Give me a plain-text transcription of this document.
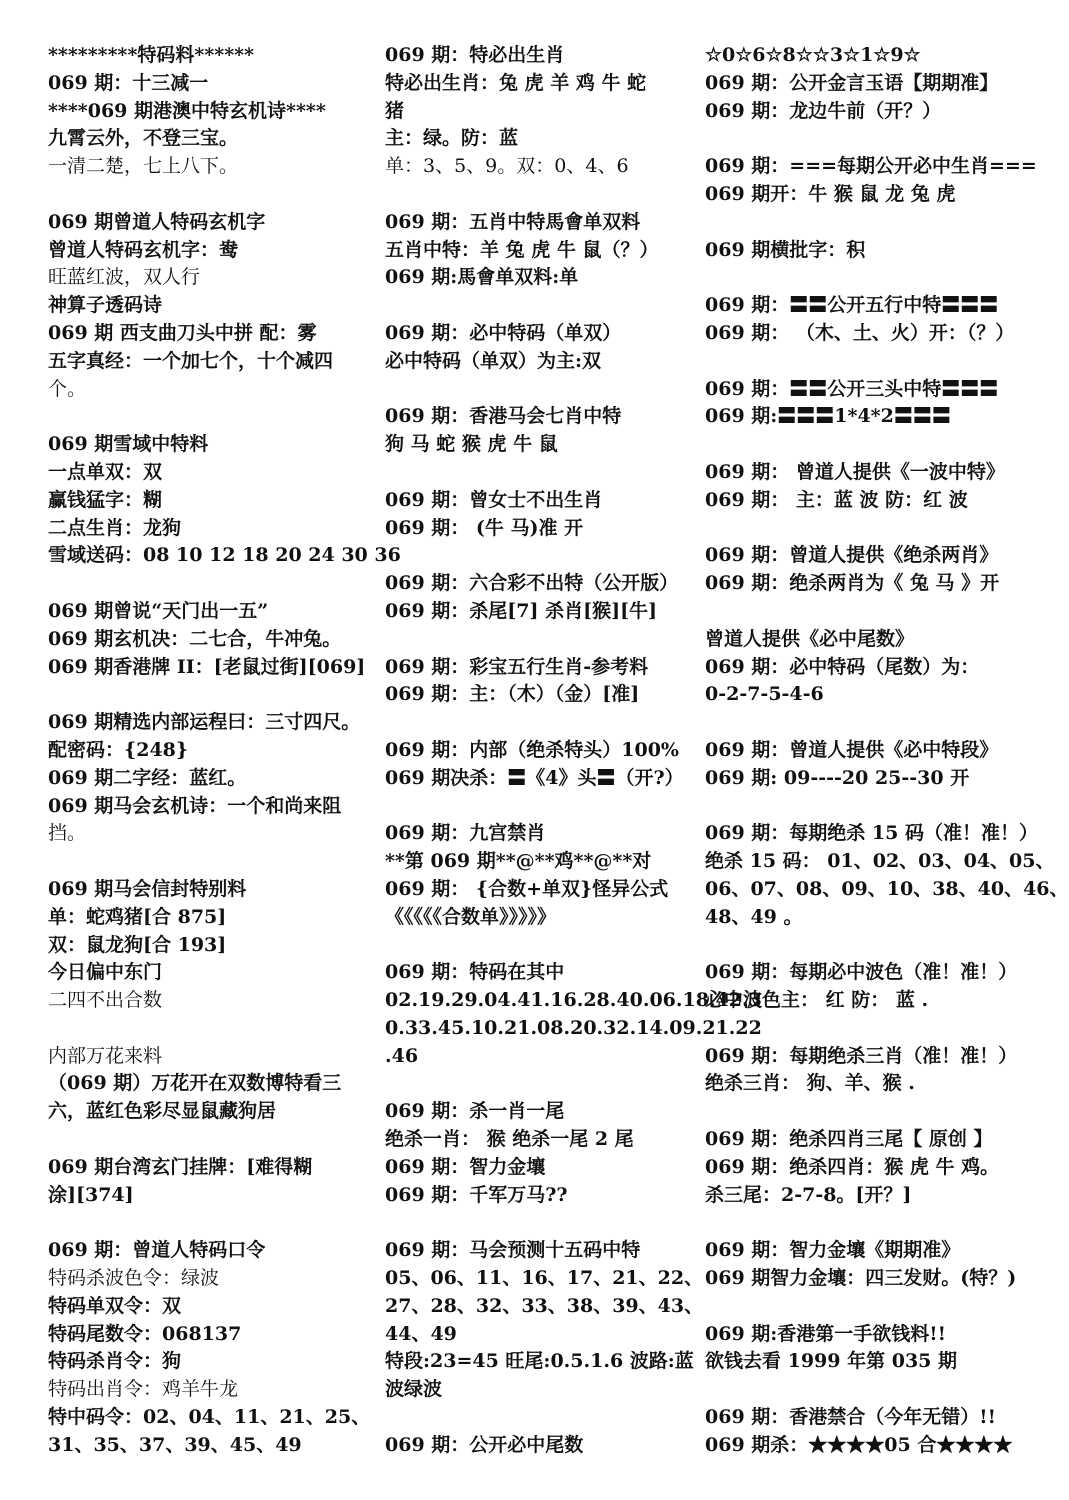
*********特码料******
069 期：十三减一
****069 期港澳中特玄机诗****
九霄云外，不登三宝。
一清二楚，七上八下。
069 期曾道人特码玄机字
曾道人特码玄机字：鸯
旺蓝红波，双人行
神算子透码诗
069 期 西支曲刀头中拼 配：雾
五字真经：一个加七个，十个减四
个。
069 期雪域中特料
一点单双：双
赢钱猛字：糊
二点生肖：龙狗
雪域送码：08 10 12 18 20 24 30 36
069 期曾说“天门出一五”
069 期玄机决：二七合，牛冲兔。
069 期香港牌 II：[老鼠过街][069]
069 期精选内部运程曰：三寸四尺。
配密码：{248}
069 期二字经：蓝红。
069 期马会玄机诗：一个和尚来阻
挡。
069 期马会信封特别料
单：蛇鸡猪[合 875]
双：鼠龙狗[合 193]
今日偏中东门
二四不出合数
内部万花来料
（069 期）万花开在双数博特看三
六，蓝红色彩尽显鼠藏狗居
069 期台湾玄门挂牌：[难得糊
涂][374]
069 期：曾道人特码口令
特码杀波色令：绿波
特码单双令：双
特码尾数令：068137
特码杀肖令：狗
特码出肖令：鸡羊牛龙
特中码令：02、04、11、21、25、
31、35、37、39、45、49
069 期：特必出生肖
特必出生肖：兔 虎 羊 鸡 牛 蛇
猪
主：绿。防：蓝
单：3、5、9。双：0、4、6
069 期：五肖中特馬會单双料
五肖中特：羊 兔 虎 牛 鼠（？）
069 期:馬會单双料:单
069 期：必中特码（单双）
必中特码（单双）为主:双
069 期：香港马会七肖中特
狗 马 蛇 猴 虎 牛 鼠
069 期：曾女士不出生肖
069 期： (牛 马)准 开
069 期：六合彩不出特（公开版）
069 期：杀尾[7] 杀肖[猴][牛]
069 期：彩宝五行生肖-参考料
069 期：主：（木）（金）[准]
069 期：内部（绝杀特头）100%
069 期决杀：〓《4》头〓（开?）
069 期：九宫禁肖
**第 069 期**@**鸡**@**对
069 期： {合数+单双}怪异公式
《《《《《合数单》》》》》
069 期：特码在其中
02.19.29.04.41.16.28.40.06.18.42.3
0.33.45.10.21.08.20.32.14.09.21.22
.46
069 期：杀一肖一尾
绝杀一肖： 猴 绝杀一尾 2 尾
069 期：智力金壤
069 期：千军万马??
069 期：马会预测十五码中特
05、06、11、16、17、21、22、
27、28、32、33、38、39、43、
44、49
特段:23=45 旺尾:0.5.1.6 波路:蓝
波绿波
069 期：公开必中尾数
☆0☆6☆8☆☆3☆1☆9☆
069 期：公开金言玉语【期期准】
069 期：龙边牛前（开？）
069 期：===每期公开必中生肖===
069 期开：牛 猴 鼠 龙 兔 虎
069 期横批字：积
069 期：〓〓公开五行中特〓〓〓
069 期： （木、土、火）开：（？）
069 期：〓〓公开三头中特〓〓〓
069 期:〓〓〓1*4*2〓〓〓
069 期： 曾道人提供《一波中特》
069 期： 主：蓝 波 防：红 波
069 期：曾道人提供《绝杀两肖》
069 期：绝杀两肖为《 兔 马 》开
曾道人提供《必中尾数》
069 期：必中特码（尾数）为：
0-2-7-5-4-6
069 期：曾道人提供《必中特段》
069 期: 09----20 25--30 开
069 期：每期绝杀 15 码（准！准！）
绝杀 15 码： 01、02、03、04、05、
06、07、08、09、10、38、40、46、
48、49 。
069 期：每期必中波色（准！准！）
必中波色主： 红 防： 蓝 .
069 期：每期绝杀三肖（准！准！）
绝杀三肖： 狗、羊、猴 .
069 期：绝杀四肖三尾【 原创 】
069 期：绝杀四肖：猴 虎 牛 鸡。
杀三尾：2-7-8。[开？]
069 期：智力金壤《期期准》
069 期智力金壤：四三发财。(特？)
069 期:香港第一手欲钱料!!
欲钱去看 1999 年第 035 期
069 期：香港禁合（今年无错）!!
069 期杀：★★★★05 合★★★★
